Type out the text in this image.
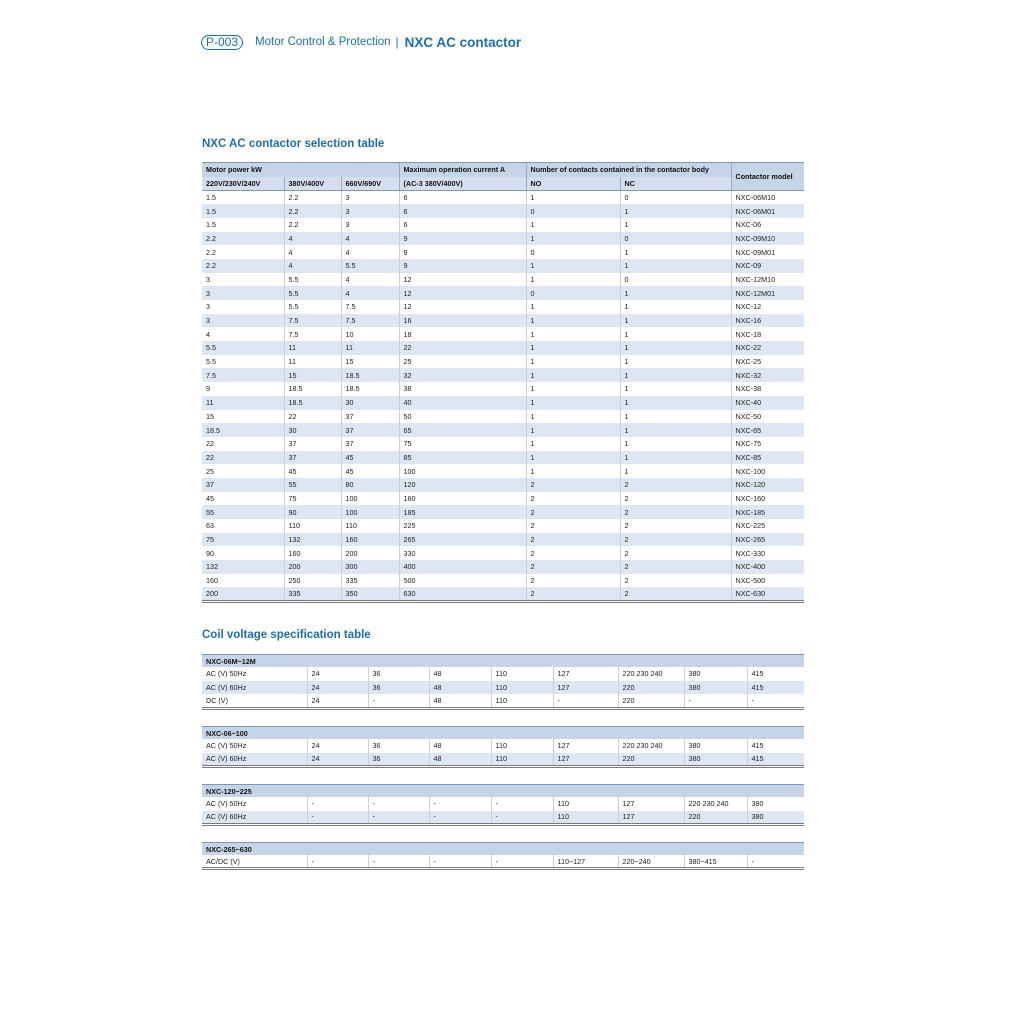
P-003	Motor Control & Protection | NXC AC contactor
NXC AC contactor selection table
Motor power kW			Maximum operation current A	Number of contacts contained in the contactor body		Contactor model
220V/230V/240V	380V/400V	660V/690V	(AC-3 380V/400V)	NO	NC	
1.5	2.2	3	6	1	0	NXC-06M10
1.5	2.2	3	6	0	1	NXC-06M01
1.5	2.2	3	6	1	1	NXC-06
2.2	4	4	9	1	0	NXC-09M10
2.2	4	4	9	0	1	NXC-09M01
2.2	4	5.5	9	1	1	NXC-09
3	5.5	4	12	1	0	NXC-12M10
3	5.5	4	12	0	1	NXC-12M01
3	5.5	7.5	12	1	1	NXC-12
3	7.5	7.5	16	1	1	NXC-16
4	7.5	10	18	1	1	NXC-18
5.5	11	11	22	1	1	NXC-22
5.5	11	15	25	1	1	NXC-25
7.5	15	18.5	32	1	1	NXC-32
9	18.5	18.5	38	1	1	NXC-38
11	18.5	30	40	1	1	NXC-40
15	22	37	50	1	1	NXC-50
18.5	30	37	65	1	1	NXC-65
22	37	37	75	1	1	NXC-75
22	37	45	85	1	1	NXC-85
25	45	45	100	1	1	NXC-100
37	55	80	120	2	2	NXC-120
45	75	100	160	2	2	NXC-160
55	90	100	185	2	2	NXC-185
63	110	110	225	2	2	NXC-225
75	132	160	265	2	2	NXC-265
90	160	200	330	2	2	NXC-330
132	200	300	400	2	2	NXC-400
160	250	335	500	2	2	NXC-500
200	335	350	630	2	2	NXC-630
Coil voltage specification table
NXC-06M~12M								
AC (V) 50Hz	24	36	48	110	127	220 230 240	380	415
AC (V) 60Hz	24	36	48	110	127	220	380	415
DC (V)	24	-	48	110	-	220	-	-
NXC-06~100								
AC (V) 50Hz	24	36	48	110	127	220 230 240	380	415
AC (V) 60Hz	24	36	48	110	127	220	380	415
NXC-120~225								
AC (V) 50Hz	-	-	-	-	110	127	220 230 240	380
AC (V) 60Hz	-	-	-	-	110	127	220	380
NXC-265~630
AC/DC (V)	-	-	-	-	110~127	220~240	380~415	-
